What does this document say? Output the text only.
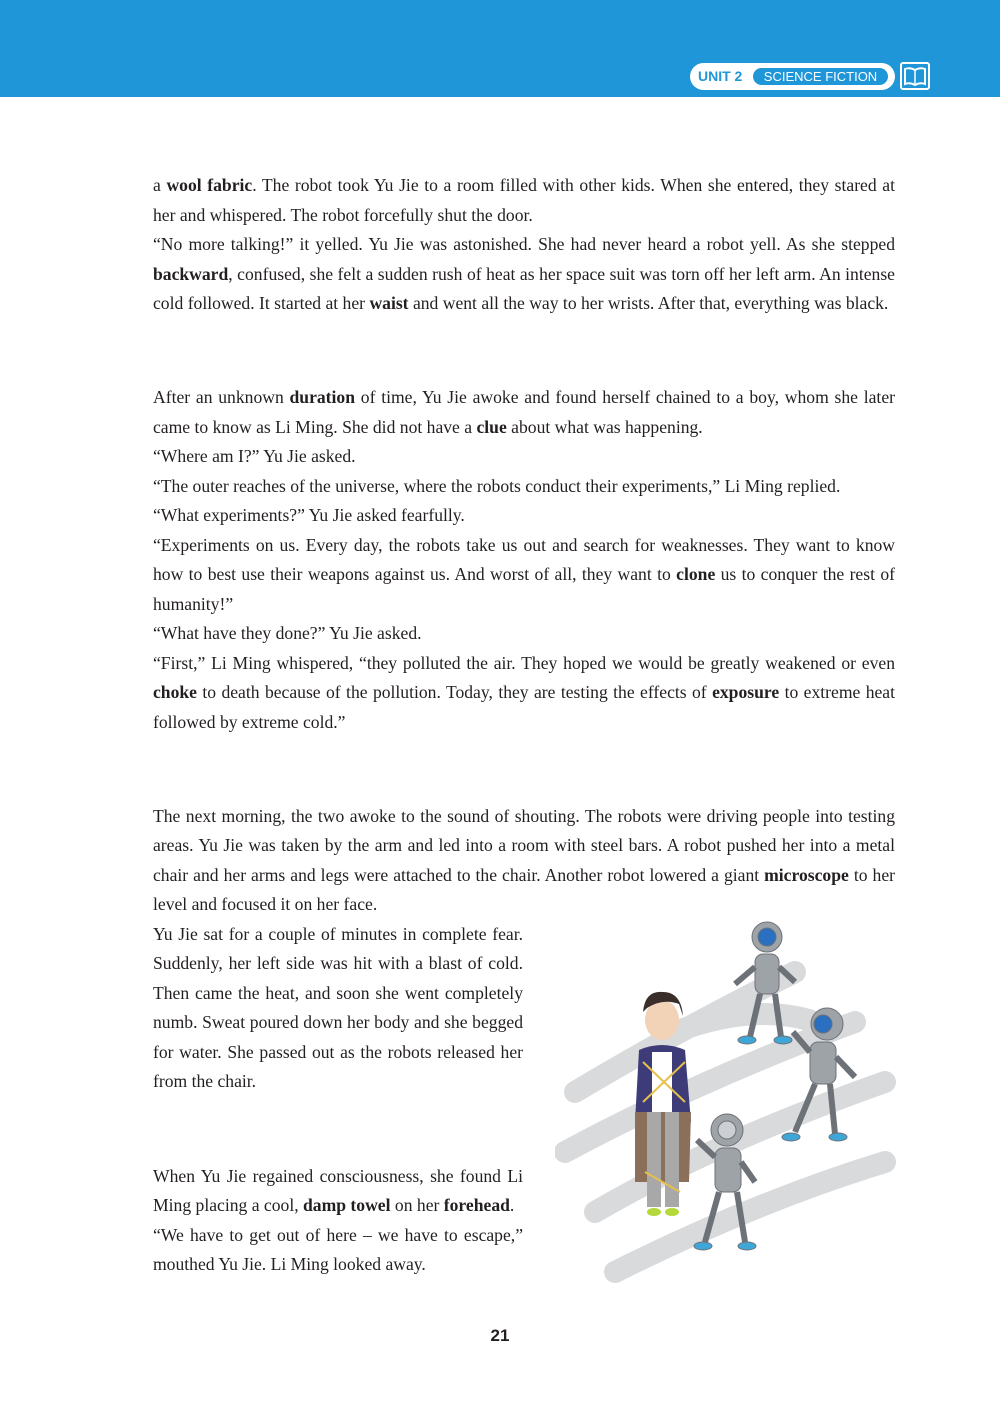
UNIT 2	SCIENCE FICTION

a wool fabric. The robot took Yu Jie to a room filled with other kids. When she entered, they stared at her and whispered. The robot forcefully shut the door.

“No more talking!” it yelled. Yu Jie was astonished. She had never heard a robot yell. As she stepped backward, confused, she felt a sudden rush of heat as her space suit was torn off her left arm. An intense cold followed. It started at her waist and went all the way to her wrists. After that, everything was black.

After an unknown duration of time, Yu Jie awoke and found herself chained to a boy, whom she later came to know as Li Ming. She did not have a clue about what was happening.

“Where am I?” Yu Jie asked.

“The outer reaches of the universe, where the robots conduct their experiments,” Li Ming replied.

“What experiments?” Yu Jie asked fearfully.

“Experiments on us. Every day, the robots take us out and search for weaknesses. They want to know how to best use their weapons against us. And worst of all, they want to clone us to conquer the rest of humanity!”

“What have they done?” Yu Jie asked.

“First,” Li Ming whispered, “they polluted the air. They hoped we would be greatly weakened or even choke to death because of the pollution. Today, they are testing the effects of exposure to extreme heat followed by extreme cold.”

The next morning, the two awoke to the sound of shouting. The robots were driving people into testing areas. Yu Jie was taken by the arm and led into a room with steel bars. A robot pushed her into a metal chair and her arms and legs were attached to the chair. Another robot lowered a giant microscope to her level and focused it on her face.

Yu Jie sat for a couple of minutes in complete fear. Suddenly, her left side was hit with a blast of cold. Then came the heat, and soon she went completely numb. Sweat poured down her body and she begged for water. She passed out as the robots released her from the chair.

When Yu Jie regained consciousness, she found Li Ming placing a cool, damp towel on her forehead.

“We have to get out of here – we have to escape,” mouthed Yu Jie. Li Ming looked away.

21
